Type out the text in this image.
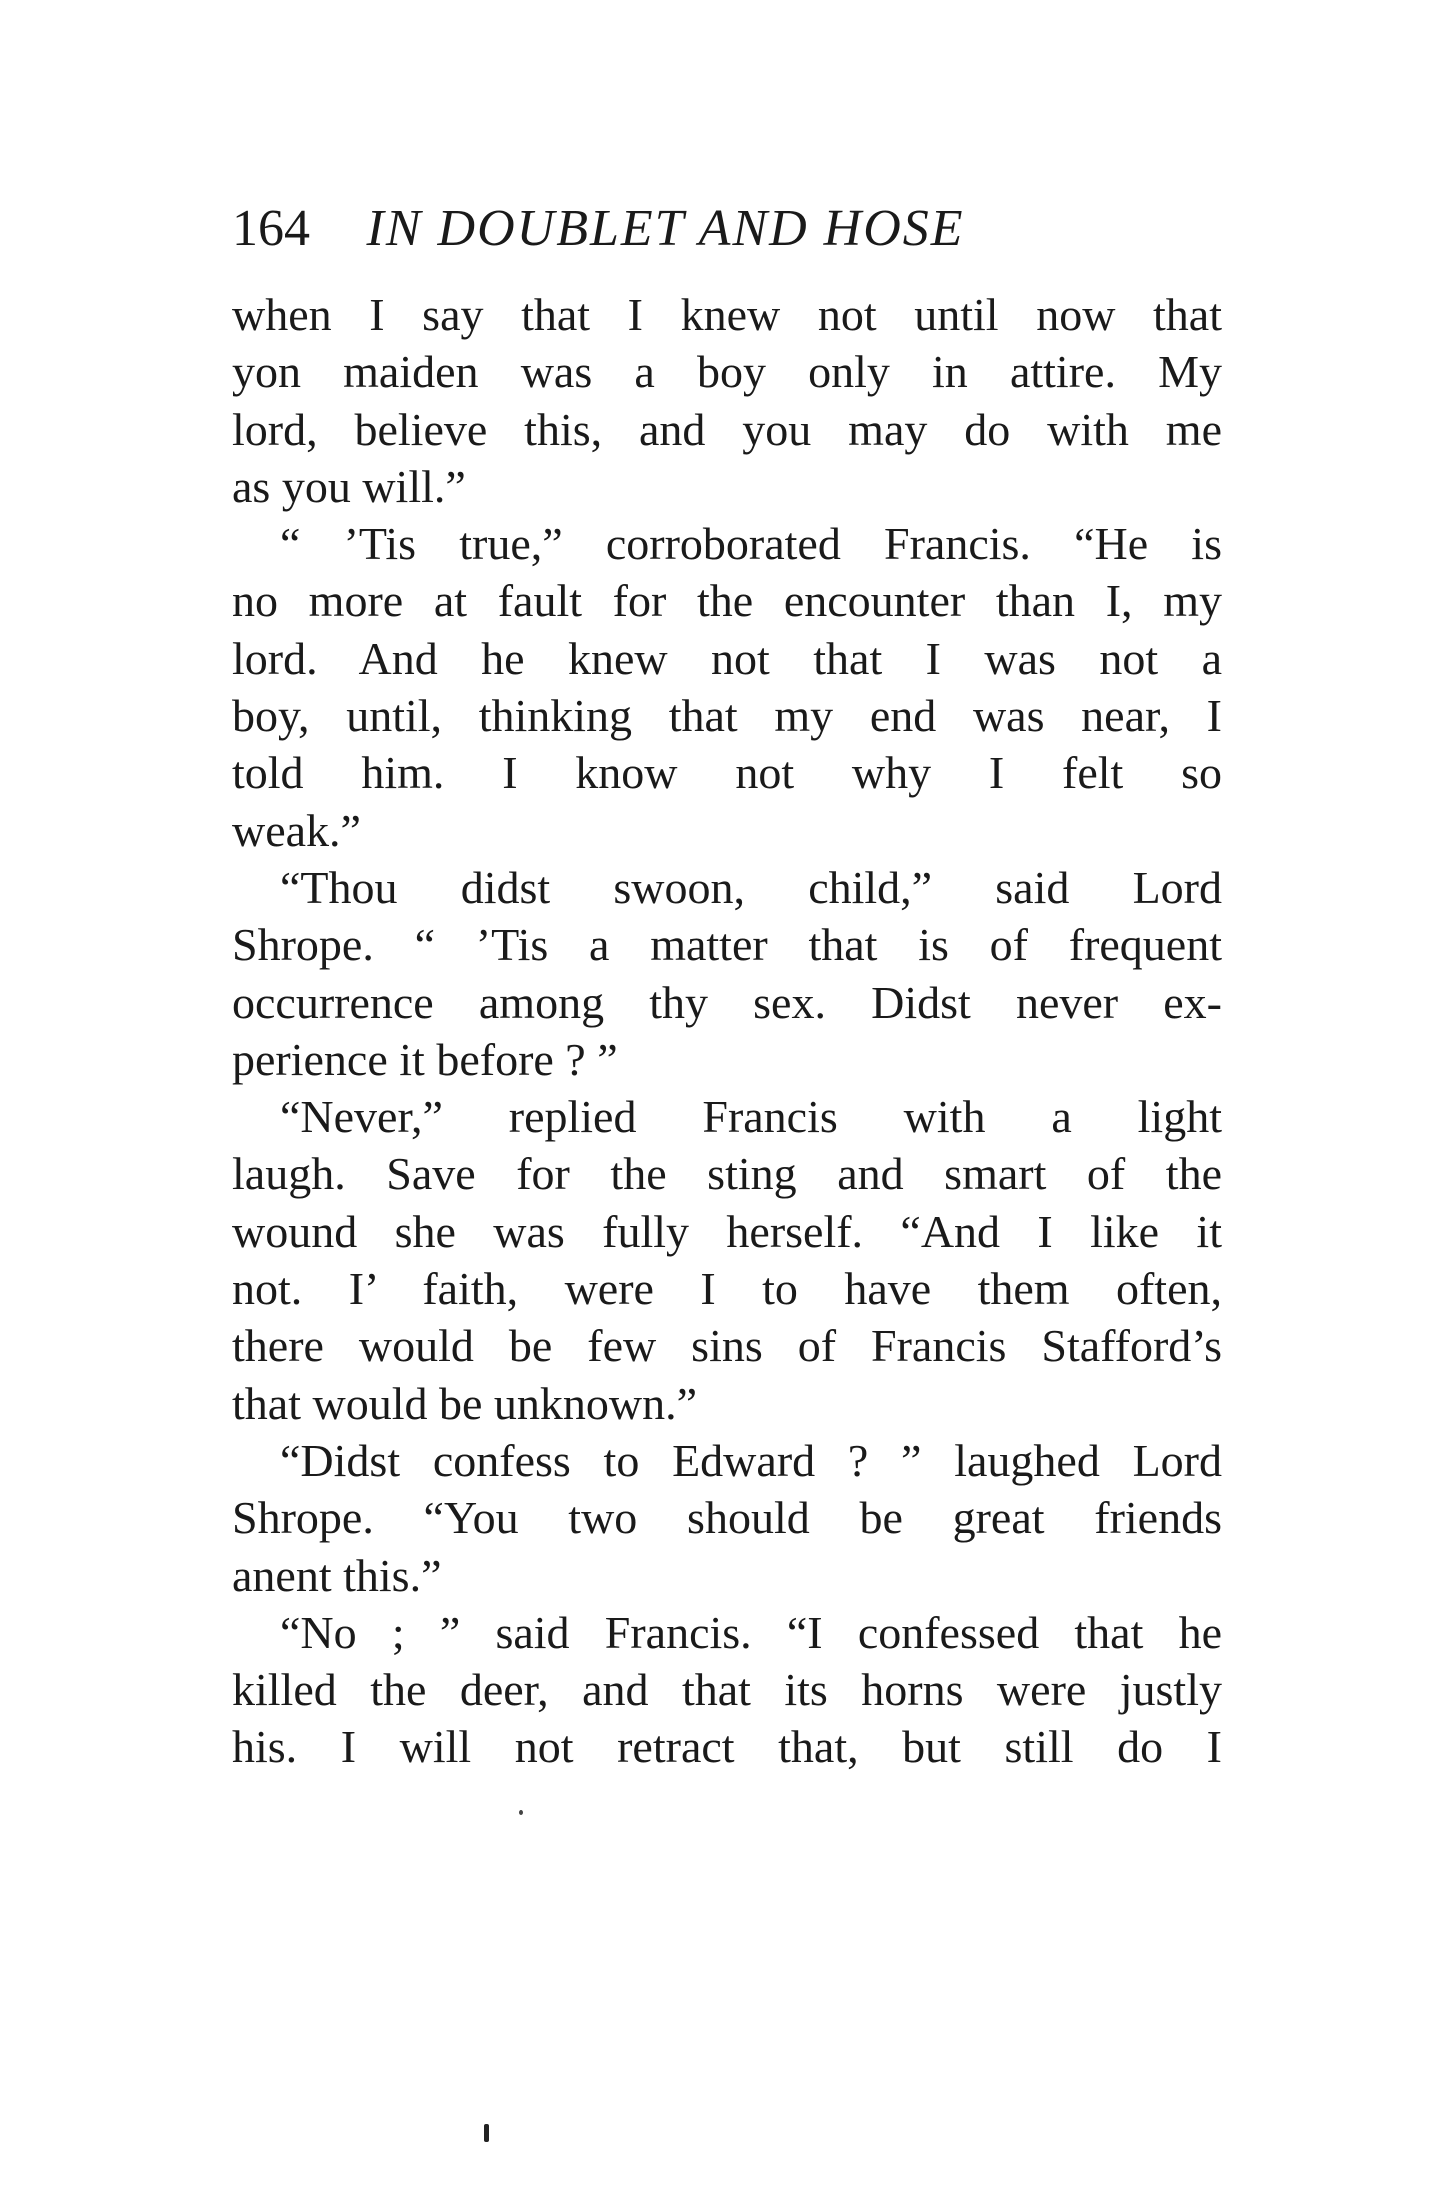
164 IN DOUBLET AND HOSE
when I say that I knew not until now that
yon maiden was a boy only in attire. My
lord, believe this, and you may do with me
as you will.”
“ ’Tis true,” corroborated Francis. “He is
no more at fault for the encounter than I, my
lord. And he knew not that I was not a
boy, until, thinking that my end was near, I
told him. I know not why I felt so
weak.”
“Thou didst swoon, child,” said Lord
Shrope. “ ’Tis a matter that is of frequent
occurrence among thy sex. Didst never ex-
perience it before ? ”
“Never,” replied Francis with a light
laugh. Save for the sting and smart of the
wound she was fully herself. “And I like it
not. I’ faith, were I to have them often,
there would be few sins of Francis Stafford’s
that would be unknown.”
“Didst confess to Edward ? ” laughed Lord
Shrope. “You two should be great friends
anent this.”
“No ; ” said Francis. “I confessed that he
killed the deer, and that its horns were justly
his. I will not retract that, but still do I
